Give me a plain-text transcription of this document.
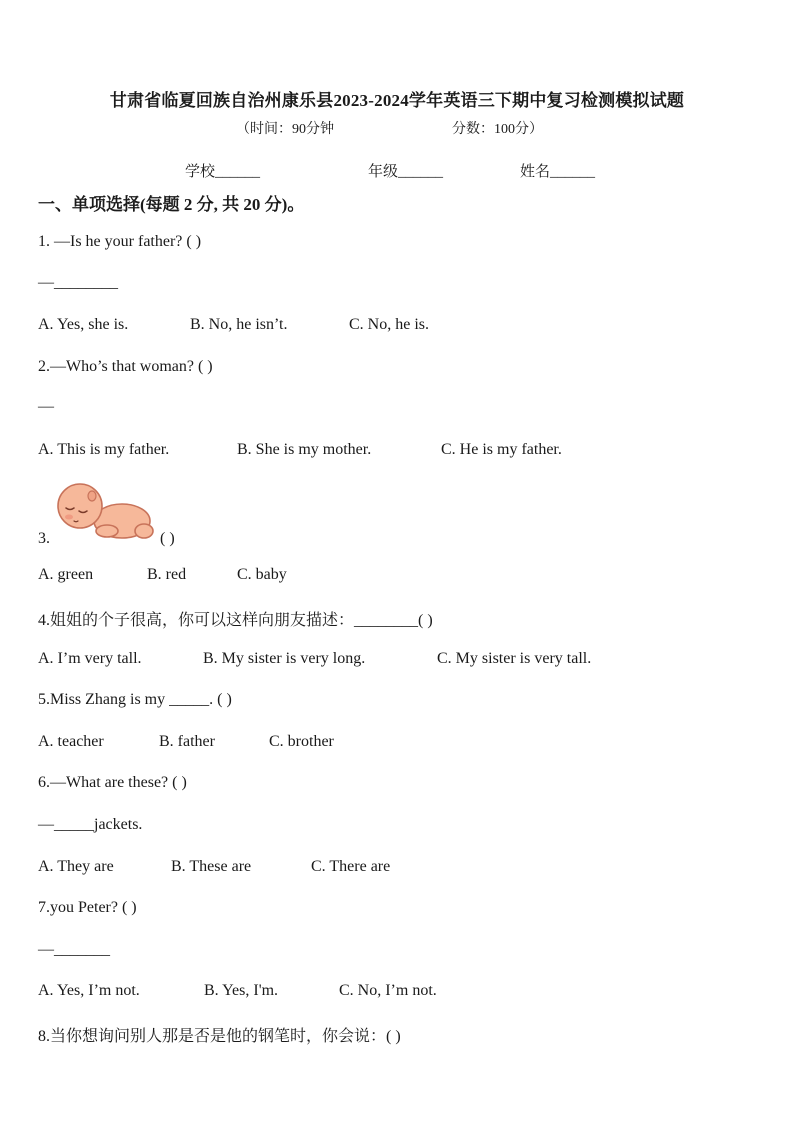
甘肃省临夏回族自治州康乐县2023-2024学年英语三下期中复习检测模拟试题
（时间：90分钟	分数：100分）
学校______	年级______	姓名______
一、单项选择(每题 2 分, 共 20 分)。
1. —Is he your father? ( )
—________
A. Yes, she is.	B. No, he isn’t.	C. No, he is.
2.—Who’s that woman? ( )
—
A. This is my father.	B. She is my mother.	C. He is my father.
3.	( )
A. green	B. red	C. baby
4.姐姐的个子很高，你可以这样向朋友描述：________( )
A. I’m very tall.	B. My sister is very long.	C. My sister is very tall.
5.Miss Zhang is my _____. ( )
A. teacher	B. father	C. brother
6.—What are these? ( )
—_____jackets.
A. They are	B. These are	C. There are
7.you Peter? ( )
—_______
A. Yes, I’m not.	B. Yes, I'm.	C. No, I’m not.
8.当你想询问别人那是否是他的钢笔时，你会说：( )
